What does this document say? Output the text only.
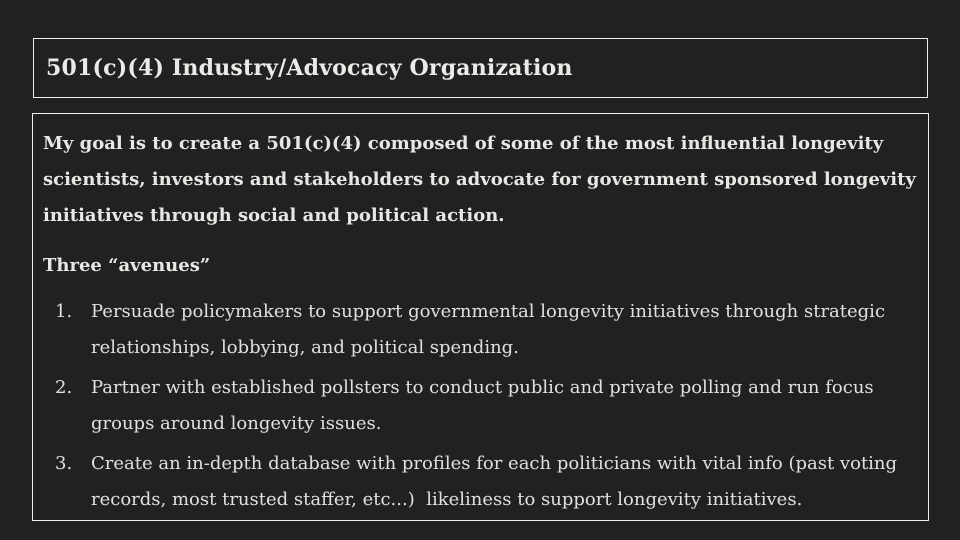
501(c)(4) Industry/Advocacy Organization

My goal is to create a 501(c)(4) composed of some of the most influential longevity scientists, investors and stakeholders to advocate for government sponsored longevity initiatives through social and political action.

Three “avenues”
1. Persuade policymakers to support governmental longevity initiatives through strategic relationships, lobbying, and political spending.
2. Partner with established pollsters to conduct public and private polling and run focus groups around longevity issues.
3. Create an in-depth database with profiles for each politicians with vital info (past voting records, most trusted staffer, etc...)  likeliness to support longevity initiatives.
